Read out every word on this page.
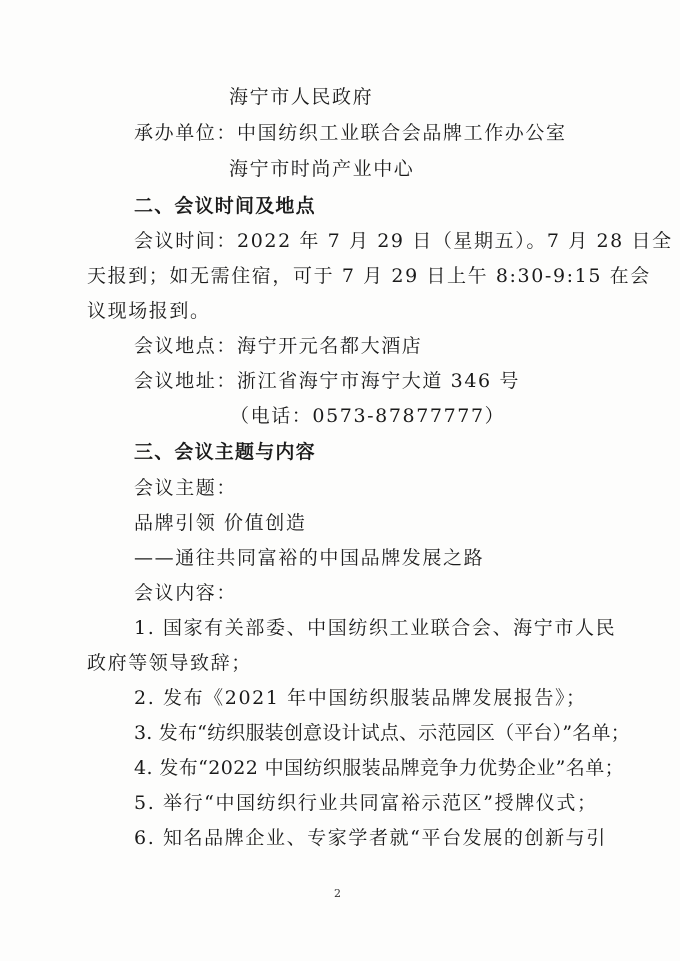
海宁市人民政府
承办单位：中国纺织工业联合会品牌工作办公室
海宁市时尚产业中心
二、会议时间及地点
会议时间：2022 年 7 月 29 日（星期五）。7 月 28 日全
天报到；如无需住宿，可于 7 月 29 日上午 8:30-9:15 在会
议现场报到。
会议地点：海宁开元名都大酒店
会议地址：浙江省海宁市海宁大道 346 号
（电话：0573-87877777）
三、会议主题与内容
会议主题：
品牌引领 价值创造
——通往共同富裕的中国品牌发展之路
会议内容：
1. 国家有关部委、中国纺织工业联合会、海宁市人民
政府等领导致辞；
2. 发布《2021 年中国纺织服装品牌发展报告》；
3. 发布“纺织服装创意设计试点、示范园区（平台）”名单；
4. 发布“2022 中国纺织服装品牌竞争力优势企业”名单；
5. 举行“中国纺织行业共同富裕示范区”授牌仪式；
6. 知名品牌企业、专家学者就“平台发展的创新与引
2
